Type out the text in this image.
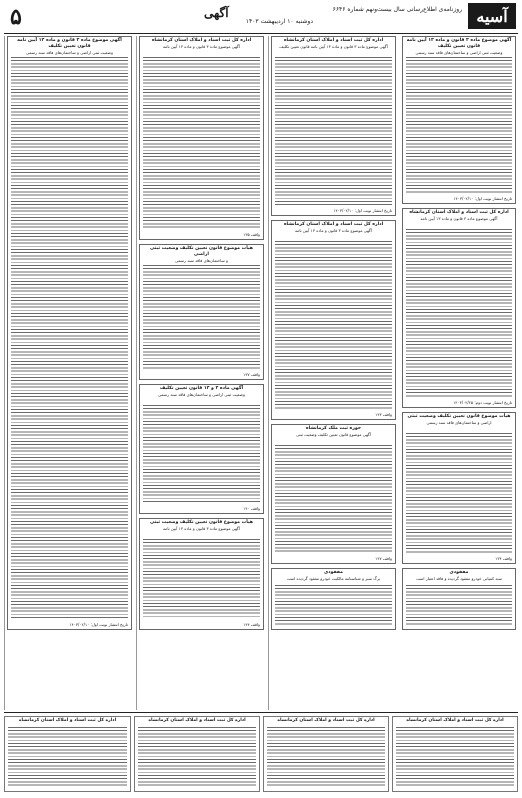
آسیه
روزنامه‌ی اطلاع‌رسانی سال بیست‌ونهم شماره ۶۶۴۶
دوشنبه ۱۰ اردیبهشت ۱۴۰۳
آگهی
۵
آگهی موضوع ماده ۳ قانون و ماده ۱۳ آیین نامه قانون تعیین تکلیف
وضعیت ثبتی اراضی و ساختمان‌های فاقد سند رسمی
تاریخ انتشار نوبت اول: ۱۴۰۳/۰۲/۱۰
اداره کل ثبت اسناد و املاک استان کرمانشاه
آگهی موضوع ماده ۳ قانون و ماده ۱۳ آیین نامه
تاریخ انتشار نوبت دوم: ۱۴۰۳/۰۲/۲۵
هیأت موضوع قانون تعیین تکلیف وضعیت ثبتی
اراضی و ساختمان‌های فاقد سند رسمی
واقف ۱۳۴
مفقودی
سند کمپانی خودرو مفقود گردیده و فاقد اعتبار است
اداره کل ثبت اسناد و املاک استان کرمانشاه
آگهی موضوع ماده ۳ قانون و ماده ۱۳ آیین نامه قانون تعیین تکلیف
تاریخ انتشار نوبت اول: ۱۴۰۳/۰۲/۱۰
اداره کل ثبت اسناد و املاک استان کرمانشاه
آگهی موضوع ماده ۳ قانون و ماده ۱۳ آیین نامه
واقف ۱۴۳
حوزه ثبت ملک کرمانشاه
آگهی موضوع قانون تعیین تکلیف وضعیت ثبتی
واقف ۱۴۷
مفقودی
برگ سبز و شناسنامه مالکیت خودرو مفقود گردیده است
اداره کل ثبت اسناد و املاک استان کرمانشاه
آگهی موضوع ماده ۳ قانون و ماده ۱۳ آیین نامه
واقف ۱۳۵
هیأت موضوع قانون تعیین تکلیف وضعیت ثبتی اراضی
و ساختمان‌های فاقد سند رسمی
واقف ۱۳۷
آگهی ماده ۳ و ۱۳ قانون تعیین تکلیف
وضعیت ثبتی اراضی و ساختمان‌های فاقد سند رسمی
واقف ۱۴۰
هیأت موضوع قانون تعیین تکلیف وضعیت ثبتی
آگهی موضوع ماده ۳ قانون و ماده ۱۳ آیین نامه
واقف ۱۴۴
آگهی موضوع ماده ۳ قانون و ماده ۱۳ آیین نامه قانون تعیین تکلیف
وضعیت ثبتی اراضی و ساختمان‌های فاقد سند رسمی
تاریخ انتشار نوبت اول: ۱۴۰۳/۰۲/۱۰
اداره کل ثبت اسناد و املاک استان کرمانشاه
اداره کل ثبت اسناد و املاک استان کرمانشاه
اداره کل ثبت اسناد و املاک استان کرمانشاه
اداره کل ثبت اسناد و املاک استان کرمانشاه
